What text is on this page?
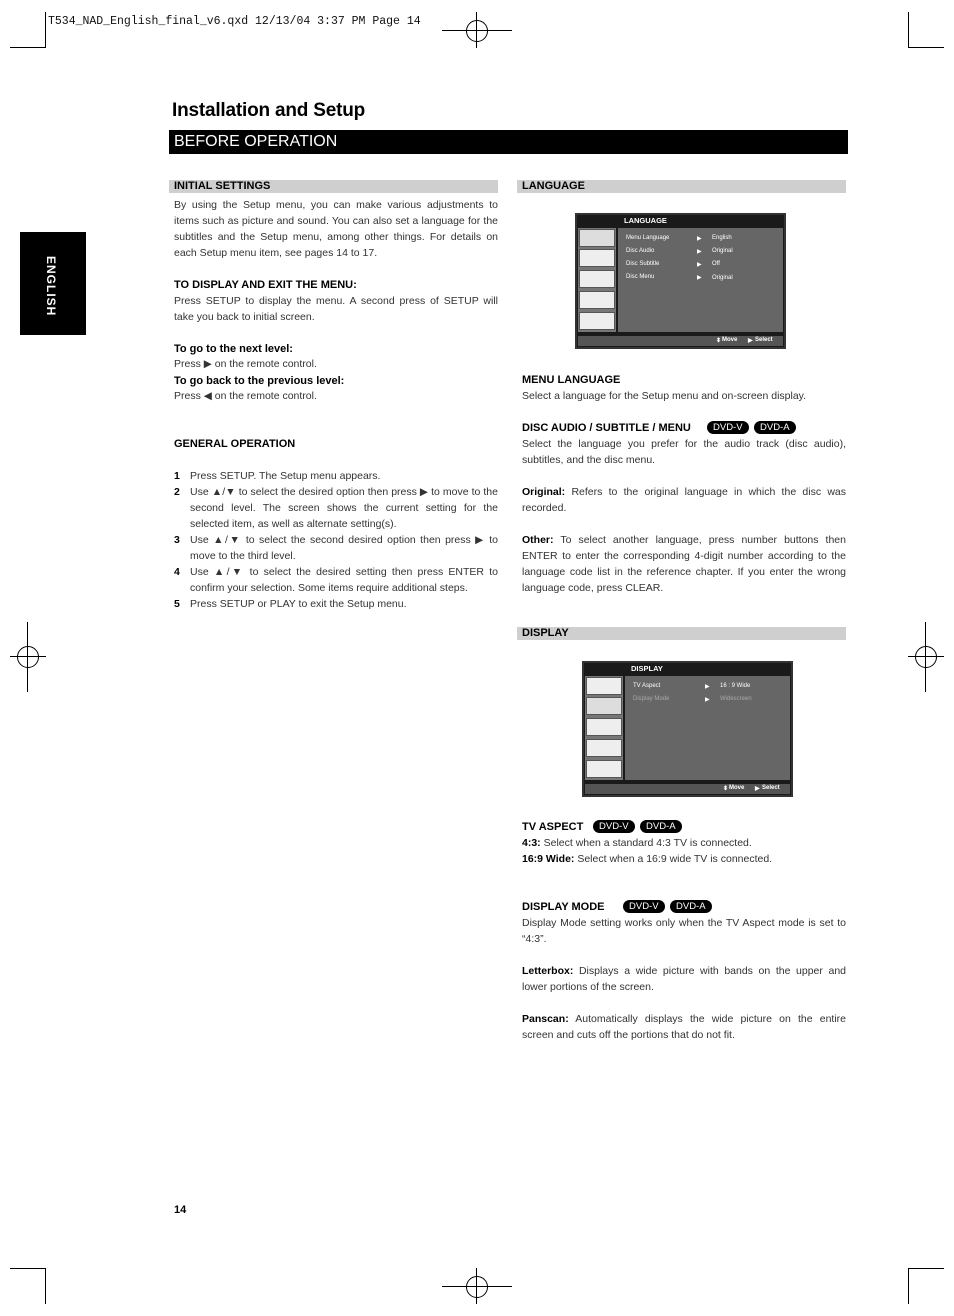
T534_NAD_English_final_v6.qxd 12/13/04 3:37 PM Page 14
Installation and Setup
BEFORE OPERATION
ENGLISH
INITIAL SETTINGS
By using the Setup menu, you can make various adjustments to items such as picture and sound. You can also set a language for the subtitles and the Setup menu, among other things. For details on each Setup menu item, see pages 14 to 17.
TO DISPLAY AND EXIT THE MENU:
Press SETUP to display the menu. A second press of SETUP will take you back to initial screen.
To go to the next level:
Press ▶ on the remote control.
To go back to the previous level:
Press ◀ on the remote control.
GENERAL OPERATION
1 Press SETUP. The Setup menu appears.
2 Use ▲/▼ to select the desired option then press ▶ to move to the second level. The screen shows the current setting for the selected item, as well as alternate setting(s).
3 Use ▲/▼ to select the second desired option then press ▶ to move to the third level.
4 Use ▲/▼ to select the desired setting then press ENTER to confirm your selection. Some items require additional steps.
5 Press SETUP or PLAY to exit the Setup menu.
LANGUAGE
LANGUAGE
Menu Language	▶ English
Disc Audio	▶ Original
Disc Subtitle	▶ Off
Disc Menu	▶ Original
⬍ Move ▶ Select
MENU LANGUAGE
Select a language for the Setup menu and on-screen display.
DISC AUDIO / SUBTITLE / MENU	DVD-V	DVD-A
Select the language you prefer for the audio track (disc audio), subtitles, and the disc menu.
Original: Refers to the original language in which the disc was recorded.
Other: To select another language, press number buttons then ENTER to enter the corresponding 4-digit number according to the language code list in the reference chapter. If you enter the wrong language code, press CLEAR.
DISPLAY
DISPLAY
TV Aspect	▶ 16 : 9 Wide
Display Mode	▶ Widescreen
⬍ Move ▶ Select
TV ASPECT	DVD-V	DVD-A
4:3: Select when a standard 4:3 TV is connected.
16:9 Wide: Select when a 16:9 wide TV is connected.
DISPLAY MODE	DVD-V	DVD-A
Display Mode setting works only when the TV Aspect mode is set to “4:3”.
Letterbox: Displays a wide picture with bands on the upper and lower portions of the screen.
Panscan: Automatically displays the wide picture on the entire screen and cuts off the portions that do not fit.
14
